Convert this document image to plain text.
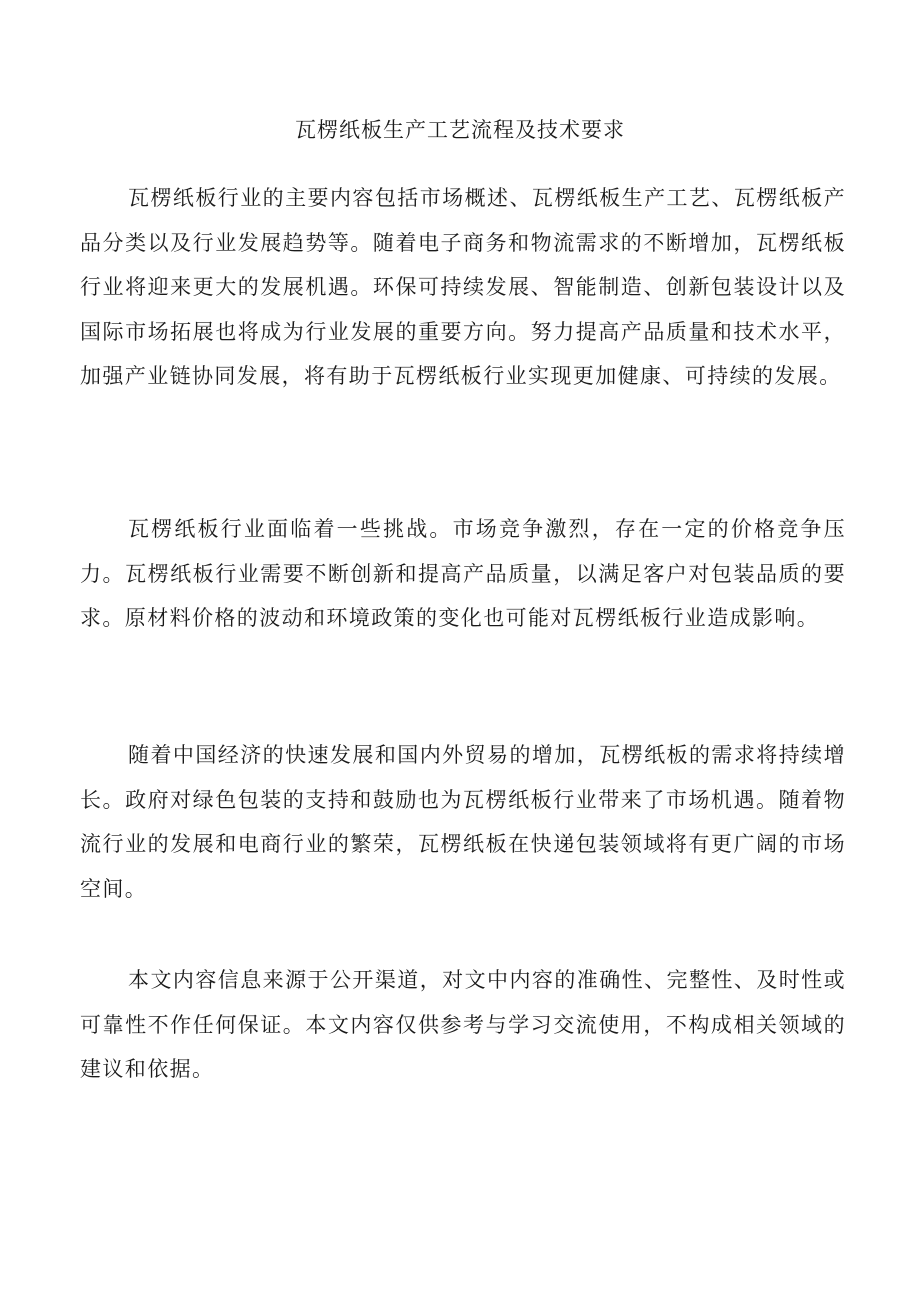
瓦楞纸板生产工艺流程及技术要求

瓦楞纸板行业的主要内容包括市场概述、瓦楞纸板生产工艺、瓦楞纸板产品分类以及行业发展趋势等。随着电子商务和物流需求的不断增加，瓦楞纸板行业将迎来更大的发展机遇。环保可持续发展、智能制造、创新包装设计以及国际市场拓展也将成为行业发展的重要方向。努力提高产品质量和技术水平，加强产业链协同发展，将有助于瓦楞纸板行业实现更加健康、可持续的发展。

瓦楞纸板行业面临着一些挑战。市场竞争激烈，存在一定的价格竞争压力。瓦楞纸板行业需要不断创新和提高产品质量，以满足客户对包装品质的要求。原材料价格的波动和环境政策的变化也可能对瓦楞纸板行业造成影响。

随着中国经济的快速发展和国内外贸易的增加，瓦楞纸板的需求将持续增长。政府对绿色包装的支持和鼓励也为瓦楞纸板行业带来了市场机遇。随着物流行业的发展和电商行业的繁荣，瓦楞纸板在快递包装领域将有更广阔的市场空间。

本文内容信息来源于公开渠道，对文中内容的准确性、完整性、及时性或可靠性不作任何保证。本文内容仅供参考与学习交流使用，不构成相关领域的建议和依据。
